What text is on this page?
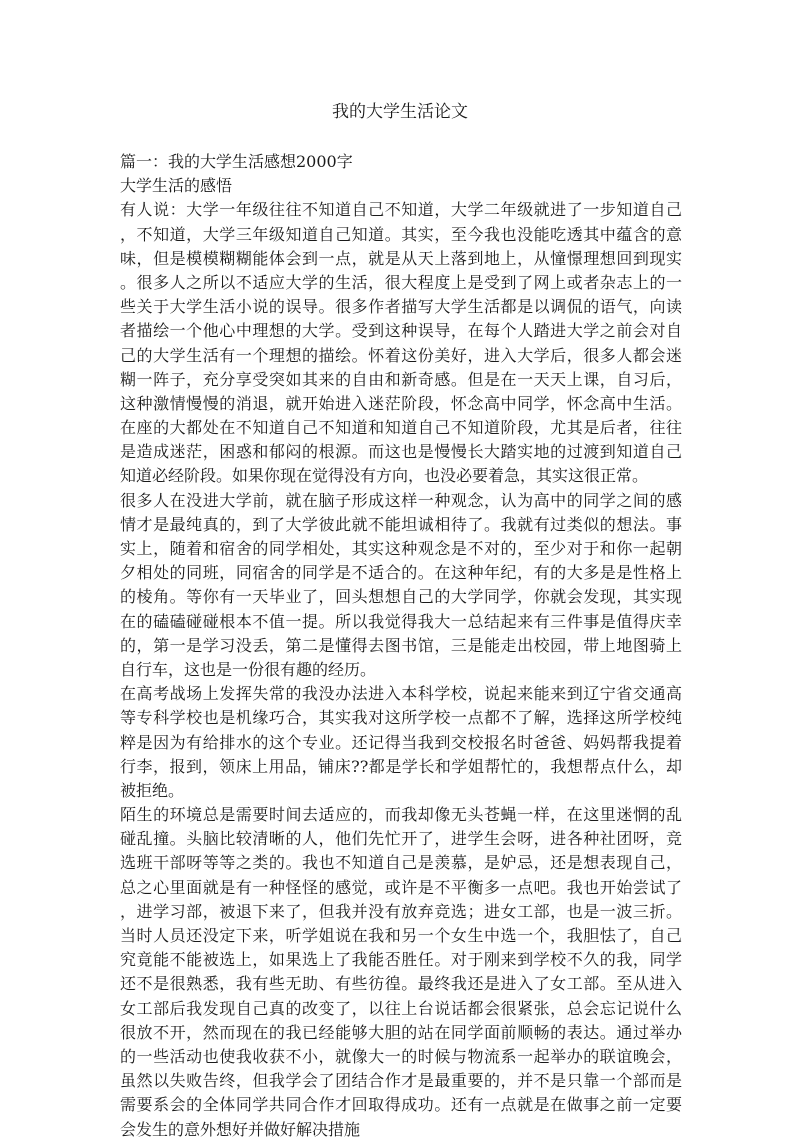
我的大学生活论文
篇一：我的大学生活感想2000字
大学生活的感悟
有人说：大学一年级往往不知道自己不知道，大学二年级就进了一步知道自己
，不知道，大学三年级知道自己知道。其实，至今我也没能吃透其中蕴含的意
味，但是模模糊糊能体会到一点，就是从天上落到地上，从憧憬理想回到现实
。很多人之所以不适应大学的生活，很大程度上是受到了网上或者杂志上的一
些关于大学生活小说的误导。很多作者描写大学生活都是以调侃的语气，向读
者描绘一个他心中理想的大学。受到这种误导，在每个人踏进大学之前会对自
己的大学生活有一个理想的描绘。怀着这份美好，进入大学后，很多人都会迷
糊一阵子，充分享受突如其来的自由和新奇感。但是在一天天上课，自习后，
这种激情慢慢的消退，就开始进入迷茫阶段，怀念高中同学，怀念高中生活。
在座的大都处在不知道自己不知道和知道自己不知道阶段，尤其是后者，往往
是造成迷茫，困惑和郁闷的根源。而这也是慢慢长大踏实地的过渡到知道自己
知道必经阶段。如果你现在觉得没有方向，也没必要着急，其实这很正常。
很多人在没进大学前，就在脑子形成这样一种观念，认为高中的同学之间的感
情才是最纯真的，到了大学彼此就不能坦诚相待了。我就有过类似的想法。事
实上，随着和宿舍的同学相处，其实这种观念是不对的，至少对于和你一起朝
夕相处的同班，同宿舍的同学是不适合的。在这种年纪，有的大多是是性格上
的棱角。等你有一天毕业了，回头想想自己的大学同学，你就会发现，其实现
在的磕磕碰碰根本不值一提。所以我觉得我大一总结起来有三件事是值得庆幸
的，第一是学习没丢，第二是懂得去图书馆，三是能走出校园，带上地图骑上
自行车，这也是一份很有趣的经历。
在高考战场上发挥失常的我没办法进入本科学校，说起来能来到辽宁省交通高
等专科学校也是机缘巧合，其实我对这所学校一点都不了解，选择这所学校纯
粹是因为有给排水的这个专业。还记得当我到交校报名时爸爸、妈妈帮我提着
行李，报到，领床上用品，铺床??都是学长和学姐帮忙的，我想帮点什么，却
被拒绝。
陌生的环境总是需要时间去适应的，而我却像无头苍蝇一样，在这里迷惘的乱
碰乱撞。头脑比较清晰的人，他们先忙开了，进学生会呀，进各种社团呀，竞
选班干部呀等等之类的。我也不知道自己是羡慕，是妒忌，还是想表现自己，
总之心里面就是有一种怪怪的感觉，或许是不平衡多一点吧。我也开始尝试了
，进学习部，被退下来了，但我并没有放弃竞选；进女工部，也是一波三折。
当时人员还没定下来，听学姐说在我和另一个女生中选一个，我胆怯了，自己
究竟能不能被选上，如果选上了我能否胜任。对于刚来到学校不久的我，同学
还不是很熟悉，我有些无助、有些彷徨。最终我还是进入了女工部。至从进入
女工部后我发现自己真的改变了，以往上台说话都会很紧张，总会忘记说什么
很放不开，然而现在的我已经能够大胆的站在同学面前顺畅的表达。通过举办
的一些活动也使我收获不小，就像大一的时候与物流系一起举办的联谊晚会，
虽然以失败告终，但我学会了团结合作才是最重要的，并不是只靠一个部而是
需要系会的全体同学共同合作才回取得成功。还有一点就是在做事之前一定要
会发生的意外想好并做好解决措施
